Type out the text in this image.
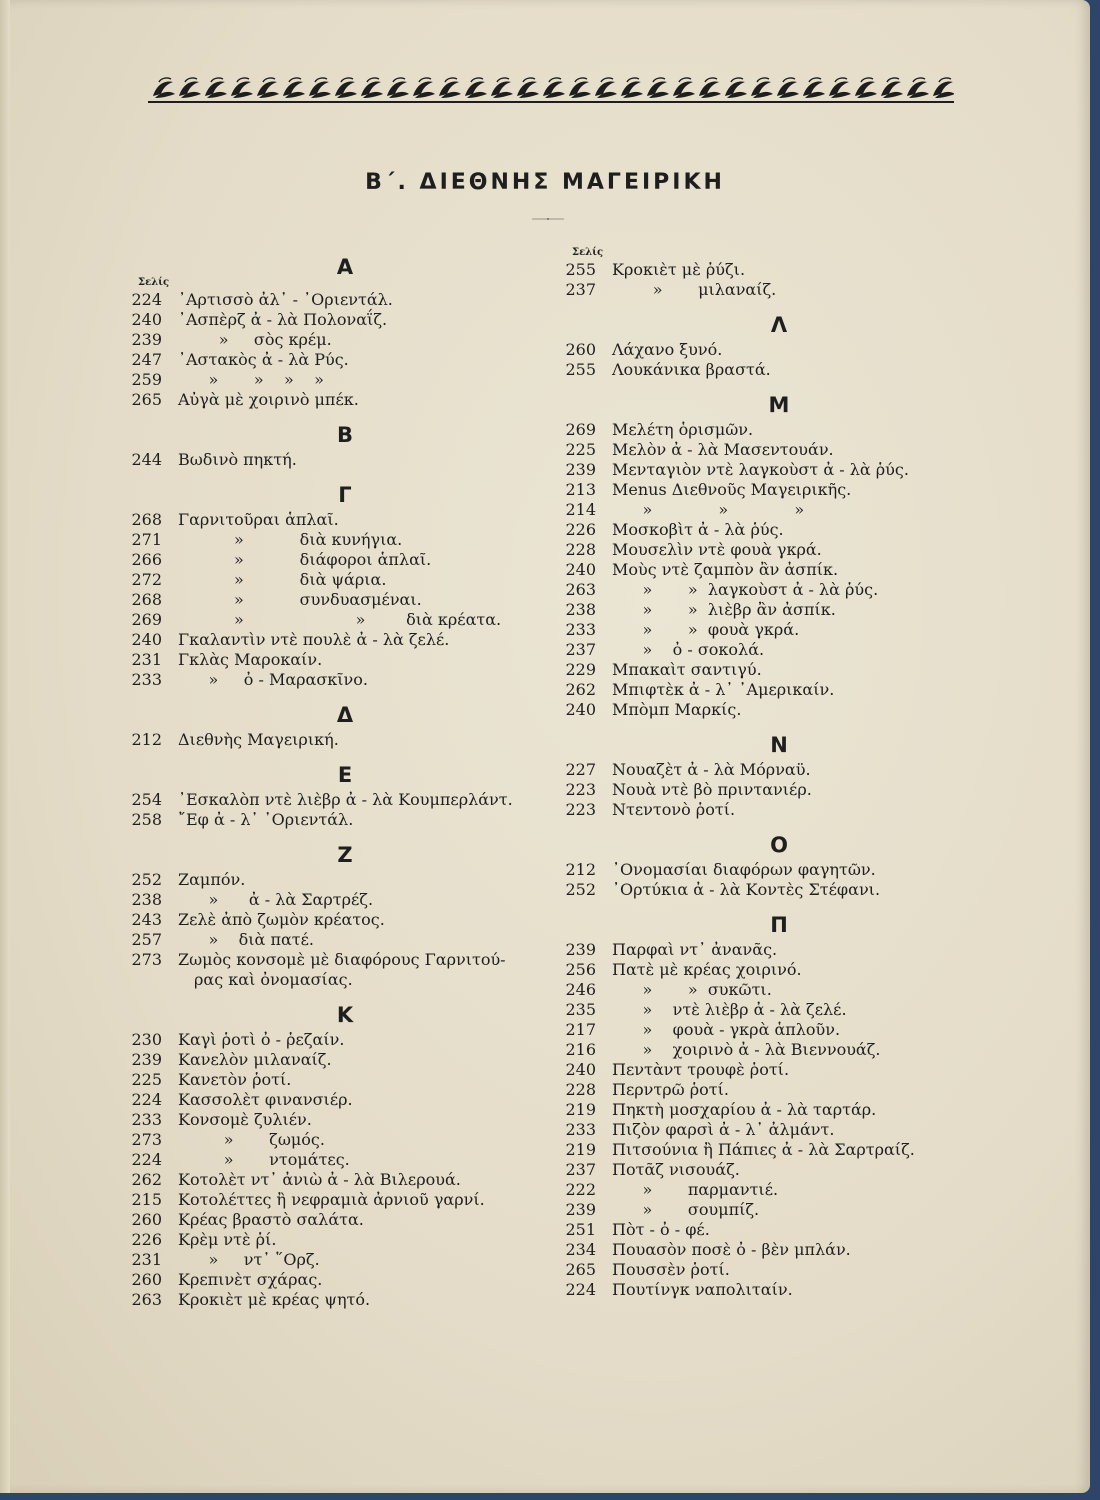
Β΄. ΔΙΕΘΝΗΣ ΜΑΓΕΙΡΙΚΗ
Α
Σελίς
224	᾿Αρτισσὸ ἀλ᾿ - ᾿Οριεντάλ.
240	᾿Ασπὲρζ ἀ - λὰ Πολοναΐζ.
239	»     σὸς κρέμ.
247	᾿Αστακὸς ἀ - λὰ Ρύς.
259	»       »    »    »
265	Αὐγὰ μὲ χοιρινὸ μπέκ.
Β
244	Βωδινὸ πηκτή.
Γ
268	Γαρνιτοῦραι ἁπλαῖ.
271	»           διὰ κυνήγια.
266	»           διάφοροι ἁπλαῖ.
272	»           διὰ ψάρια.
268	»           συνδυασμέναι.
269	»                      »        διὰ κρέατα.
240	Γκαλαντὶν ντὲ πουλὲ ἀ - λὰ ζελέ.
231	Γκλὰς Μαροκαίν.
233	»     ὀ - Μαρασκῖνο.
Δ
212	Διεθνὴς Μαγειρική.
Ε
254	᾿Εσκαλὸπ ντὲ λιὲβρ ἀ - λὰ Κουμπερλάντ.
258	῎Εφ ἀ - λ᾿ ᾿Οριεντάλ.
Ζ
252	Ζαμπόν.
238	»      ἀ - λὰ Σαρτρέζ.
243	Ζελὲ ἀπὸ ζωμὸν κρέατος.
257	»    διὰ πατέ.
273	Ζωμὸς κονσομὲ μὲ διαφόρους Γαρνιτού-
ρας καὶ ὀνομασίας.
Κ
230	Καγὶ ῥοτὶ ὀ - ῥεζαίν.
239	Κανελὸν μιλαναίζ.
225	Κανετὸν ῥοτί.
224	Κασσολὲτ φινανσιέρ.
233	Κονσομὲ ζυλιέν.
273	»       ζωμός.
224	»       ντομάτες.
262	Κοτολὲτ ντ᾿ ἀνιὼ ἀ - λὰ Βιλερουά.
215	Κοτολέττες ἢ νεφραμιὰ ἀρνιοῦ γαρνί.
260	Κρέας βραστὸ σαλάτα.
226	Κρὲμ ντὲ ῥί.
231	»     ντ᾿ ῞Ορζ.
260	Κρεπινὲτ σχάρας.
263	Κροκιὲτ μὲ κρέας ψητό.
Σελίς
255	Κροκιὲτ μὲ ῥύζι.
237	»       μιλαναίζ.
Λ
260	Λάχανο ξυνό.
255	Λουκάνικα βραστά.
Μ
269	Μελέτη ὁρισμῶν.
225	Μελὸν ἀ - λὰ Μασεντουάν.
239	Μενταγιὸν ντὲ λαγκοὺστ ἀ - λὰ ῥύς.
213	Menus Διεθνοῦς Μαγειρικῆς.
214	»             »             »
226	Μοσκοβὶτ ἀ - λὰ ῥύς.
228	Μουσελὶν ντὲ φουὰ γκρά.
240	Μοὺς ντὲ ζαμπὸν ἂν ἀσπίκ.
263	»       »  λαγκοὺστ ἀ - λὰ ῥύς.
238	»       »  λιὲβρ ἂν ἀσπίκ.
233	»       »  φουὰ γκρά.
237	»    ὀ - σοκολά.
229	Μπακαὶτ σαντιγύ.
262	Μπιφτὲκ ἀ - λ᾿ ᾿Αμερικαίν.
240	Μπὸμπ Μαρκίς.
Ν
227	Νουαζὲτ ἀ - λὰ Μόρναϋ.
223	Νουὰ ντὲ βὸ πριντανιέρ.
223	Ντεντονὸ ῥοτί.
Ο
212	᾿Ονομασίαι διαφόρων φαγητῶν.
252	᾿Ορτύκια ἀ - λὰ Κοντὲς Στέφανι.
Π
239	Παρφαὶ ντ᾿ ἀνανᾶς.
256	Πατὲ μὲ κρέας χοιρινό.
246	»       »  συκῶτι.
235	»    ντὲ λιὲβρ ἀ - λὰ ζελέ.
217	»    φουὰ - γκρὰ ἁπλοῦν.
216	»    χοιρινὸ ἀ - λὰ Βιεννουάζ.
240	Πεντὰντ τρουφὲ ῥοτί.
228	Περντρῶ ῥοτί.
219	Πηκτὴ μοσχαρίου ἀ - λὰ ταρτάρ.
233	Πιζὸν φαρσὶ ἀ - λ᾿ ἀλμάντ.
219	Πιτσούνια ἢ Πάπιες ἀ - λὰ Σαρτραίζ.
237	Ποτᾶζ νισουάζ.
222	»       παρμαντιέ.
239	»       σουμπίζ.
251	Πὸτ - ὀ - φέ.
234	Πουασὸν ποσὲ ὀ - βὲν μπλάν.
265	Πουσσὲν ῥοτί.
224	Πουτίνγκ ναπολιταίν.
